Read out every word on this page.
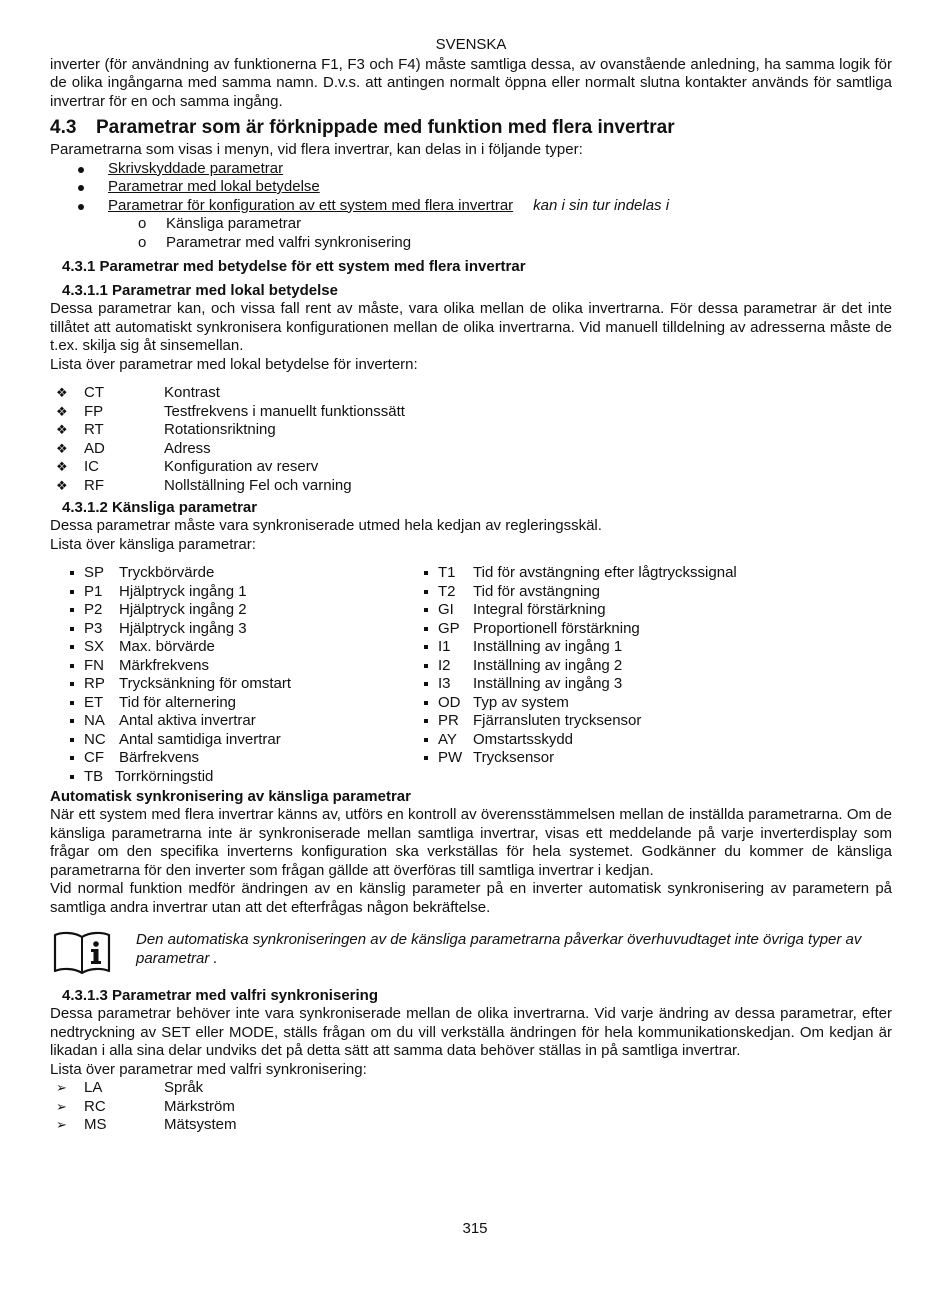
SVENSKA

inverter (för användning av funktionerna F1, F3 och F4) måste samtliga dessa, av ovanstående anledning, ha samma logik för de olika ingångarna med samma namn. D.v.s. att antingen normalt öppna eller normalt slutna kontakter används för samtliga invertrar för en och samma ingång.

4.3 Parametrar som är förknippade med funktion med flera invertrar

Parametrarna som visas i menyn, vid flera invertrar, kan delas in i följande typer:

Skrivskyddade parametrar
Parametrar med lokal betydelse
Parametrar för konfiguration av ett system med flera invertrar kan i sin tur indelas i
o Känsliga parametrar
o Parametrar med valfri synkronisering
4.3.1 Parametrar med betydelse för ett system med flera invertrar
4.3.1.1 Parametrar med lokal betydelse

Dessa parametrar kan, och vissa fall rent av måste, vara olika mellan de olika invertrarna. För dessa parametrar är det inte tillåtet att automatiskt synkronisera konfigurationen mellan de olika invertrarna. Vid manuell tilldelning av adresserna måste de t.ex. skilja sig åt sinsemellan.

Lista över parametrar med lokal betydelse för invertern:

❖ CT	Kontrast
❖ FP	Testfrekvens i manuellt funktionssätt
❖ RT	Rotationsriktning
❖ AD	Adress
❖ IC	Konfiguration av reserv
❖ RF	Nollställning Fel och varning
4.3.1.2 Känsliga parametrar

Dessa parametrar måste vara synkroniserade utmed hela kedjan av regleringsskäl.

Lista över känsliga parametrar:

SP Tryckbörvärde
P1 Hjälptryck ingång 1
P2 Hjälptryck ingång 2
P3 Hjälptryck ingång 3
SX Max. börvärde
FN Märkfrekvens
RP Trycksänkning för omstart
ET Tid för alternering
NA Antal aktiva invertrar
NC Antal samtidiga invertrar
CF Bärfrekvens
TB Torrkörningstid
T1 Tid för avstängning efter lågtryckssignal
T2 Tid för avstängning
GI Integral förstärkning
GP Proportionell förstärkning
I1 Inställning av ingång 1
I2 Inställning av ingång 2
I3 Inställning av ingång 3
OD Typ av system
PR Fjärransluten trycksensor
AY Omstartsskydd
PW Trycksensor
Automatisk synkronisering av känsliga parametrar

När ett system med flera invertrar känns av, utförs en kontroll av överensstämmelsen mellan de inställda parametrarna. Om de känsliga parametrarna inte är synkroniserade mellan samtliga invertrar, visas ett meddelande på varje inverterdisplay som frågar om den specifika inverterns konfiguration ska verkställas för hela systemet. Godkänner du kommer de känsliga parametrarna för den inverter som frågan gällde att överföras till samtliga invertrar i kedjan.

Vid normal funktion medför ändringen av en känslig parameter på en inverter automatisk synkronisering av parametern på samtliga andra invertrar utan att det efterfrågas någon bekräftelse.

Den automatiska synkroniseringen av de känsliga parametrarna påverkar överhuvudtaget inte övriga typer av parametrar .
4.3.1.3 Parametrar med valfri synkronisering

Dessa parametrar behöver inte vara synkroniserade mellan de olika invertrarna. Vid varje ändring av dessa parametrar, efter nedtryckning av SET eller MODE, ställs frågan om du vill verkställa ändringen för hela kommunikationskedjan. Om kedjan är likadan i alla sina delar undviks det på detta sätt att samma data behöver ställas in på samtliga invertrar.

Lista över parametrar med valfri synkronisering:

➢ LA	Språk
➢ RC	Märkström
➢ MS	Mätsystem
315
